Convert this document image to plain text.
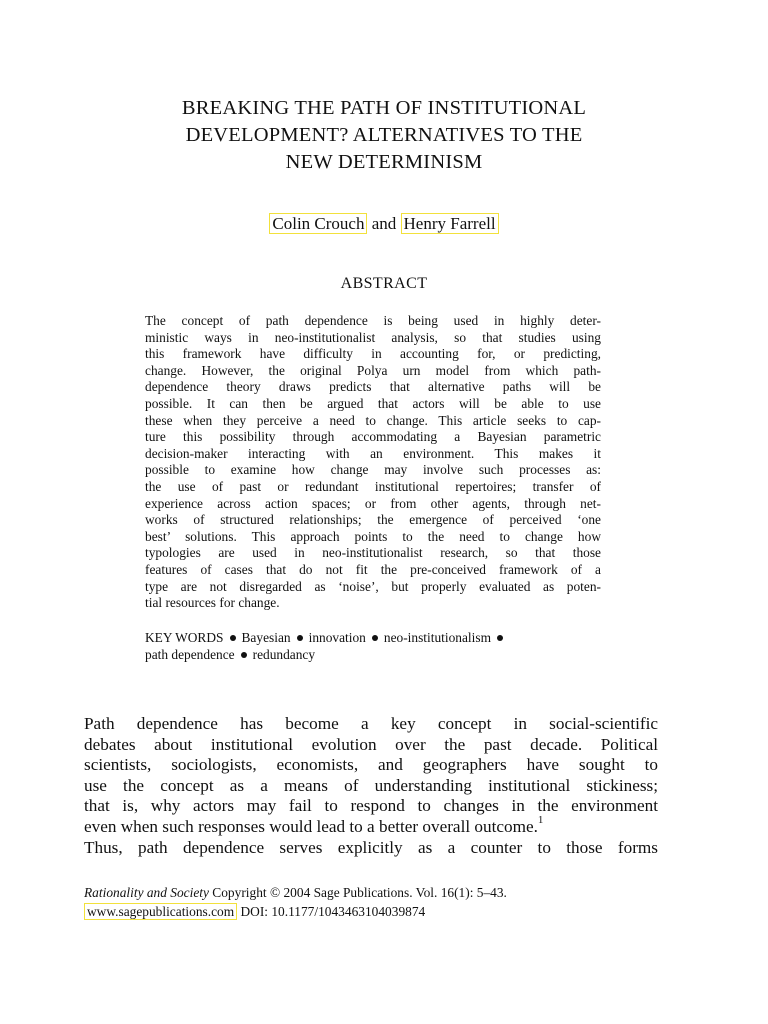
BREAKING THE PATH OF INSTITUTIONAL
DEVELOPMENT? ALTERNATIVES TO THE
NEW DETERMINISM
Colin Crouch and Henry Farrell
ABSTRACT
The concept of path dependence is being used in highly deter-
ministic ways in neo-institutionalist analysis, so that studies using
this framework have difficulty in accounting for, or predicting,
change. However, the original Polya urn model from which path-
dependence theory draws predicts that alternative paths will be
possible. It can then be argued that actors will be able to use
these when they perceive a need to change. This article seeks to cap-
ture this possibility through accommodating a Bayesian parametric
decision-maker interacting with an environment. This makes it
possible to examine how change may involve such processes as:
the use of past or redundant institutional repertoires; transfer of
experience across action spaces; or from other agents, through net-
works of structured relationships; the emergence of perceived ‘one
best’ solutions. This approach points to the need to change how
typologies are used in neo-institutionalist research, so that those
features of cases that do not fit the pre-conceived framework of a
type are not disregarded as ‘noise’, but properly evaluated as poten-
tial resources for change.
KEY WORDS Bayesian innovation neo-institutionalism
path dependence redundancy
Path dependence has become a key concept in social-scientific
debates about institutional evolution over the past decade. Political
scientists, sociologists, economists, and geographers have sought to
use the concept as a means of understanding institutional stickiness;
that is, why actors may fail to respond to changes in the environment
even when such responses would lead to a better overall outcome.$^1$
Thus, path dependence serves explicitly as a counter to those forms
Rationality and Society Copyright © 2004 Sage Publications. Vol. 16(1): 5–43.
www.sagepublications.com DOI: 10.1177/1043463104039874
